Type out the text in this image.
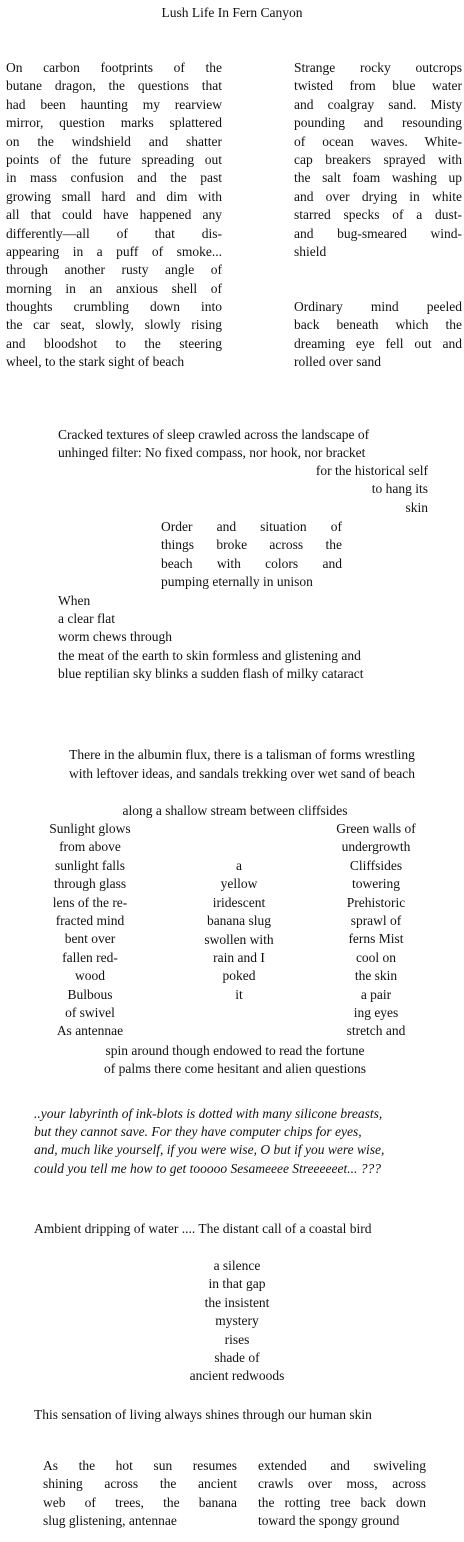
Lush Life In Fern Canyon
On carbon footprints of the
butane dragon, the questions that
had been haunting my rearview
mirror, question marks splattered
on the windshield and shatter
points of the future spreading out
in mass confusion and the past
growing small hard and dim with
all that could have happened any
differently—all of that dis-
appearing in a puff of smoke...
through another rusty angle of
morning in an anxious shell of
thoughts crumbling down into
the car seat, slowly, slowly rising
and bloodshot to the steering
wheel, to the stark sight of beach
Strange rocky outcrops
twisted from blue water
and coalgray sand. Misty
pounding and resounding
of ocean waves. White-
cap breakers sprayed with
the salt foam washing up
and over drying in white
starred specks of a dust-
and bug-smeared wind-
shield
Ordinary mind peeled
back beneath which the
dreaming eye fell out and
rolled over sand
Cracked textures of sleep crawled across the landscape of
unhinged filter: No fixed compass, nor hook, nor bracket
for the historical self
to hang its
skin
Order and situation of
things broke across the
beach with colors and
pumping eternally in unison
When
a clear flat
worm chews through
the meat of the earth to skin formless and glistening and
blue reptilian sky blinks a sudden flash of milky cataract
There in the albumin flux, there is a talisman of forms wrestling
with leftover ideas, and sandals trekking over wet sand of beach
along a shallow stream between cliffsides
Sunlight glows
from above
sunlight falls
through glass
lens of the re-
fracted mind
bent over
fallen red-
wood
Bulbous
of swivel
As antennae
a
yellow
iridescent
banana slug
swollen with
rain and I
poked
it
Green walls of
undergrowth
Cliffsides
towering
Prehistoric
sprawl of
ferns Mist
cool on
the skin
a pair
ing eyes
stretch and
spin around though endowed to read the fortune
of palms there come hesitant and alien questions
..your labyrinth of ink-blots is dotted with many silicone breasts,
but they cannot save. For they have computer chips for eyes,
and, much like yourself, if you were wise, O but if you were wise,
could you tell me how to get tooooo Sesameeee Streeeeeet... ???
Ambient dripping of water .... The distant call of a coastal bird
a silence
in that gap
the insistent
mystery
rises
shade of
ancient redwoods
This sensation of living always shines through our human skin
As the hot sun resumes
shining across the ancient
web of trees, the banana
slug glistening, antennae
extended and swiveling
crawls over moss, across
the rotting tree back down
toward the spongy ground
